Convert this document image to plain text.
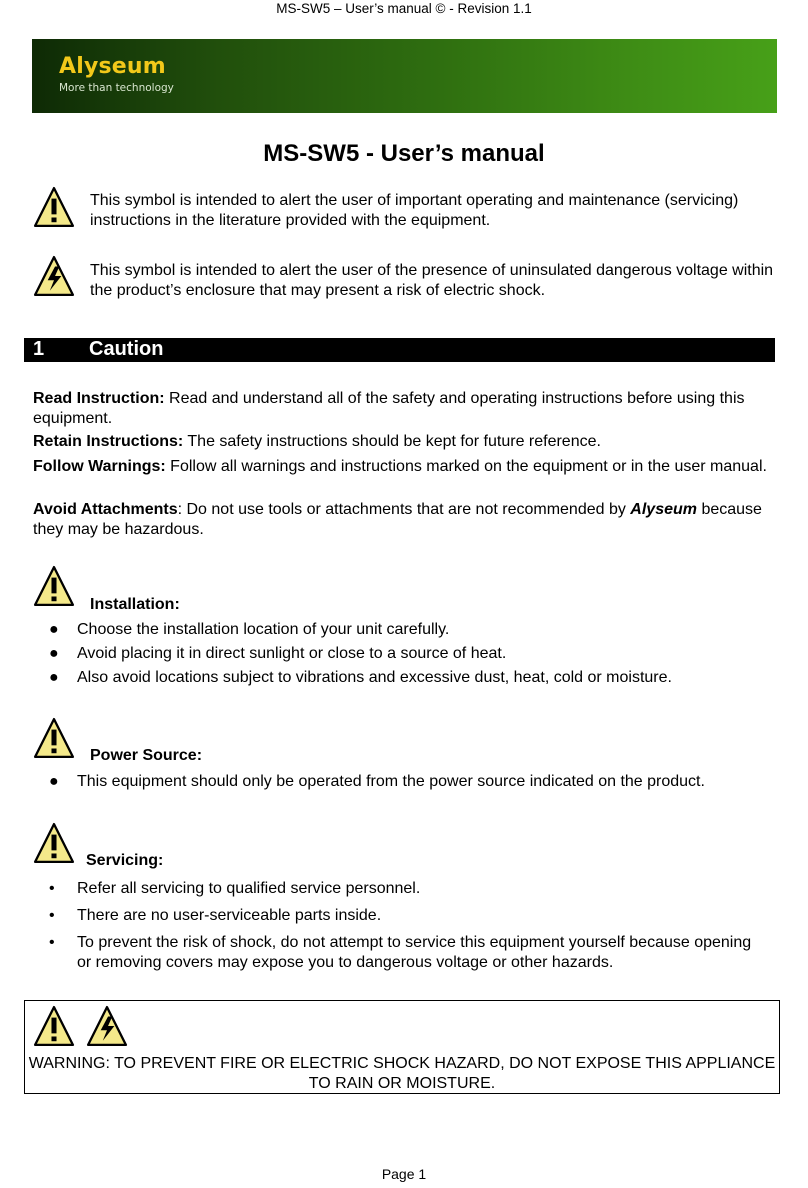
MS-SW5 – User’s manual © - Revision 1.1
Alyseum
More than technology
MS-SW5 - User’s manual
This symbol is intended to alert the user of important operating and maintenance (servicing) instructions in the literature provided with the equipment.
This symbol is intended to alert the user of the presence of uninsulated dangerous voltage within the product’s enclosure that may present a risk of electric shock.
1 Caution
Read Instruction: Read and understand all of the safety and operating instructions before using this equipment.
Retain Instructions: The safety instructions should be kept for future reference.
Follow Warnings: Follow all warnings and instructions marked on the equipment or in the user manual.
Avoid Attachments: Do not use tools or attachments that are not recommended by Alyseum because they may be hazardous.
Installation:
● Choose the installation location of your unit carefully.
● Avoid placing it in direct sunlight or close to a source of heat.
● Also avoid locations subject to vibrations and excessive dust, heat, cold or moisture.
Power Source:
● This equipment should only be operated from the power source indicated on the product.
Servicing:
• Refer all servicing to qualified service personnel.
• There are no user-serviceable parts inside.
• To prevent the risk of shock, do not attempt to service this equipment yourself because opening or removing covers may expose you to dangerous voltage or other hazards.
WARNING: TO PREVENT FIRE OR ELECTRIC SHOCK HAZARD, DO NOT EXPOSE THIS APPLIANCE TO RAIN OR MOISTURE.
Page 1
